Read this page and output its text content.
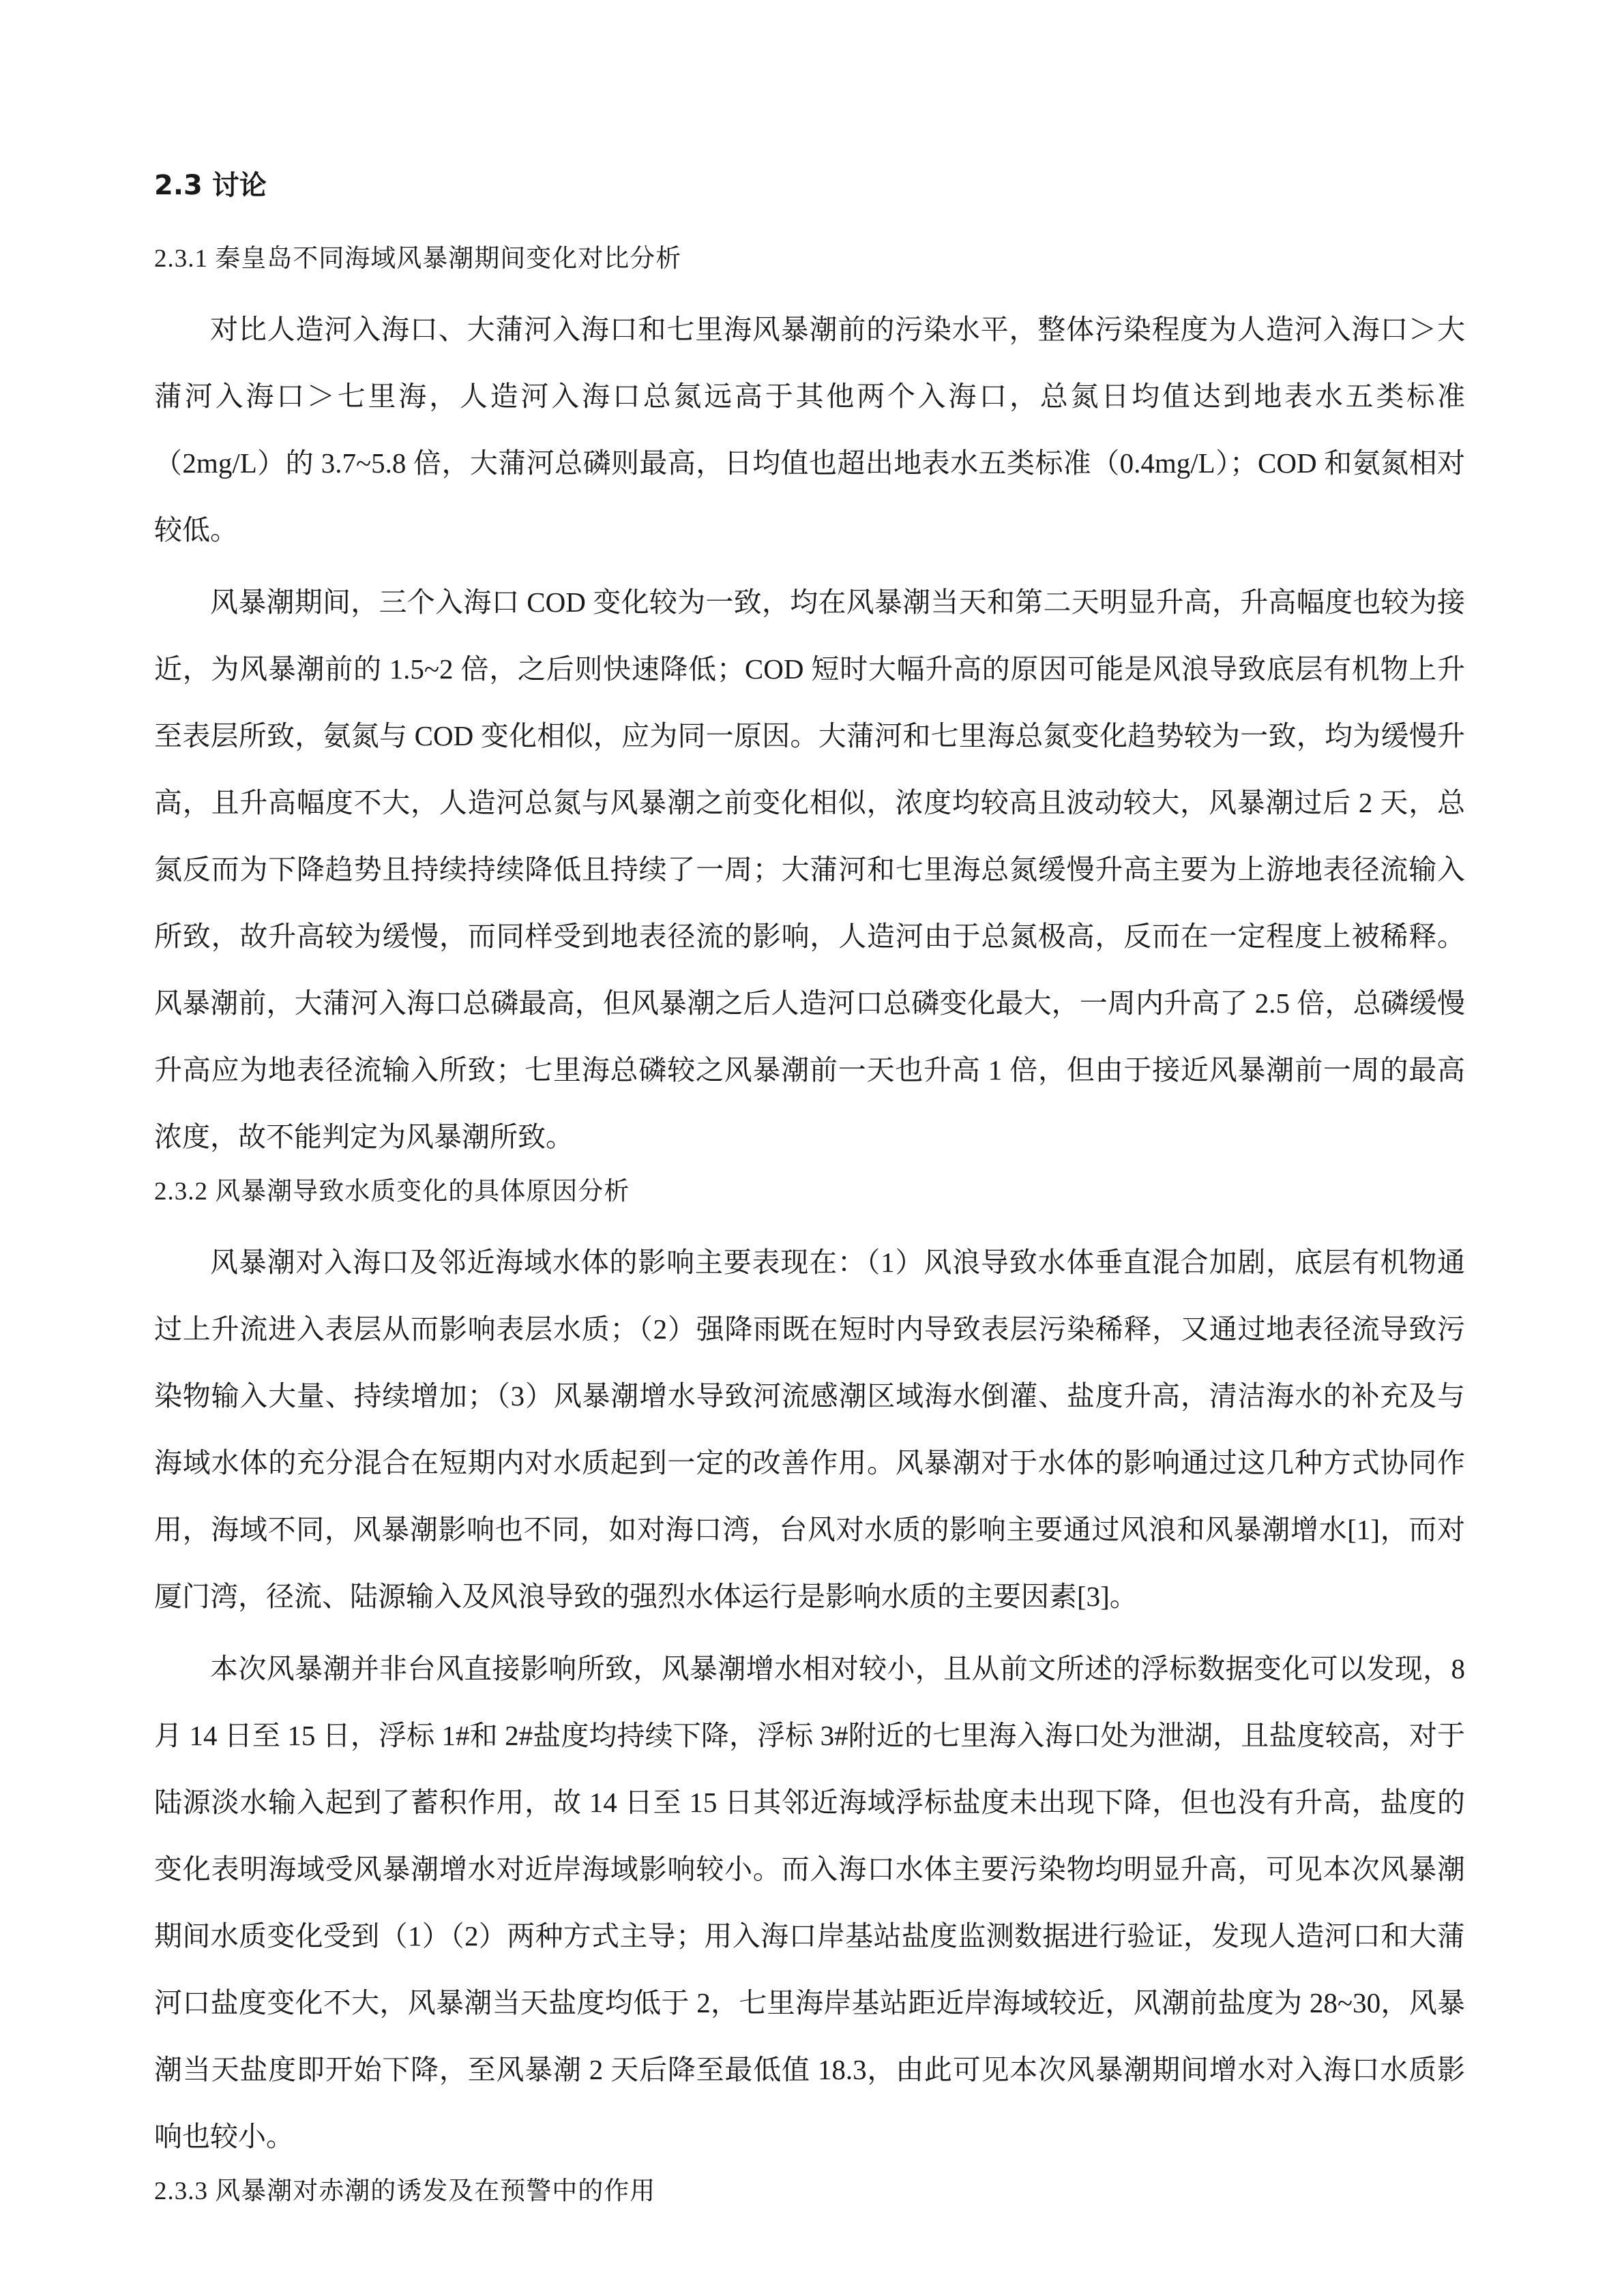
2.3 讨论
2.3.1 秦皇岛不同海域风暴潮期间变化对比分析

对比人造河入海口、大蒲河入海口和七里海风暴潮前的污染水平，整体污染程度为人造河入海口＞大蒲河入海口＞七里海，人造河入海口总氮远高于其他两个入海口，总氮日均值达到地表水五类标准（2mg/L）的 3.7~5.8 倍，大蒲河总磷则最高，日均值也超出地表水五类标准（0.4mg/L）；COD 和氨氮相对较低。

风暴潮期间，三个入海口 COD 变化较为一致，均在风暴潮当天和第二天明显升高，升高幅度也较为接近，为风暴潮前的 1.5~2 倍，之后则快速降低；COD 短时大幅升高的原因可能是风浪导致底层有机物上升至表层所致，氨氮与 COD 变化相似，应为同一原因。大蒲河和七里海总氮变化趋势较为一致，均为缓慢升高，且升高幅度不大，人造河总氮与风暴潮之前变化相似，浓度均较高且波动较大，风暴潮过后 2 天，总氮反而为下降趋势且持续持续降低且持续了一周；大蒲河和七里海总氮缓慢升高主要为上游地表径流输入所致，故升高较为缓慢，而同样受到地表径流的影响，人造河由于总氮极高，反而在一定程度上被稀释。风暴潮前，大蒲河入海口总磷最高，但风暴潮之后人造河口总磷变化最大，一周内升高了 2.5 倍，总磷缓慢升高应为地表径流输入所致；七里海总磷较之风暴潮前一天也升高 1 倍，但由于接近风暴潮前一周的最高浓度，故不能判定为风暴潮所致。

2.3.2 风暴潮导致水质变化的具体原因分析

风暴潮对入海口及邻近海域水体的影响主要表现在：（1）风浪导致水体垂直混合加剧，底层有机物通过上升流进入表层从而影响表层水质；（2）强降雨既在短时内导致表层污染稀释，又通过地表径流导致污染物输入大量、持续增加；（3）风暴潮增水导致河流感潮区域海水倒灌、盐度升高，清洁海水的补充及与海域水体的充分混合在短期内对水质起到一定的改善作用。风暴潮对于水体的影响通过这几种方式协同作用，海域不同，风暴潮影响也不同，如对海口湾，台风对水质的影响主要通过风浪和风暴潮增水[1]，而对厦门湾，径流、陆源输入及风浪导致的强烈水体运行是影响水质的主要因素[3]。

本次风暴潮并非台风直接影响所致，风暴潮增水相对较小，且从前文所述的浮标数据变化可以发现，8 月 14 日至 15 日，浮标 1#和 2#盐度均持续下降，浮标 3#附近的七里海入海口处为泄湖，且盐度较高，对于陆源淡水输入起到了蓄积作用，故 14 日至 15 日其邻近海域浮标盐度未出现下降，但也没有升高，盐度的变化表明海域受风暴潮增水对近岸海域影响较小。而入海口水体主要污染物均明显升高，可见本次风暴潮期间水质变化受到（1）（2）两种方式主导；用入海口岸基站盐度监测数据进行验证，发现人造河口和大蒲河口盐度变化不大，风暴潮当天盐度均低于 2，七里海岸基站距近岸海域较近，风潮前盐度为 28~30，风暴潮当天盐度即开始下降，至风暴潮 2 天后降至最低值 18.3，由此可见本次风暴潮期间增水对入海口水质影响也较小。

2.3.3 风暴潮对赤潮的诱发及在预警中的作用
